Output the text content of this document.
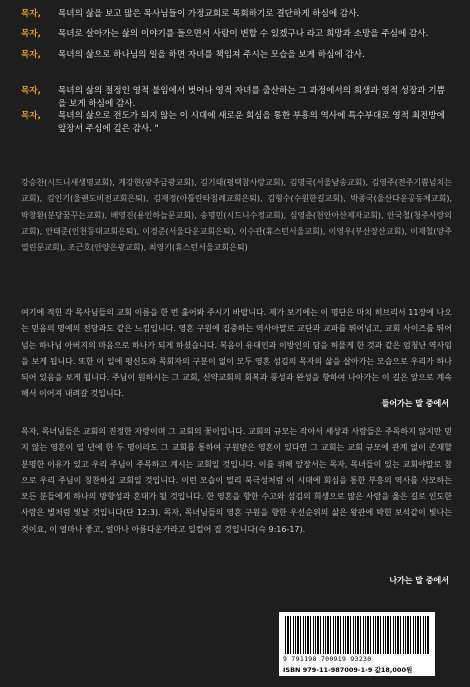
목자, 목녀의 삶을 보고 많은 목사님들이 가정교회로 목회하기로 결단하게 하심에 감사.
목자, 목녀로 살아가는 삶의 이야기를 들으면서 사람이 변할 수 있겠구나 라고 희망과 소망을 주심에 감사.
목자, 목녀의 삶으로 하나님의 일을 하면 자녀를 책임져 주시는 모습을 보게 하심에 감사.
목자, 목녀의 삶의 절정인 영적 불임에서 벗어나 영적 자녀를 출산하는 그 과정에서의 희생과 영적 성장과 기쁨을 보게 하심에 감사.
목자, 목녀의 삶으로 전도가 되지 않는 이 시대에 새로운 회심을 통한 부흥의 역사에 특수부대로 영적 최전방에 앞장서 주심에 깊은 감사. "

강승찬(시드니새생명교회), 계강현(광주금광교회), 김기태(평택참사랑교회), 김명국(서울남송교회), 김영주(전주기쁨넘치는교회), 김인기(울랜도비전교회은퇴), 김재정(아틀란타침례교회은퇴), 김형수(수원한길교회), 박종국(울산다운공동체교회), 박창환(분당꿈꾸는교회), 배영진(용인하늘문교회), 송명민(시드니수정교회), 심영춘(천안아산제자교회), 안국철(청주사랑의교회), 안태준(인천등대교회은퇴), 이경준(서울다운교회은퇴), 이수관(휴스턴서울교회), 이영우(부산장산교회), 이재철(양주열린문교회), 조근호(안양은광교회), 최영기(휴스턴서울교회은퇴)

여기에 적힌 각 목사님들의 교회 이름을 한 번 훑어봐 주시기 바랍니다. 제가 보기에는 이 명단은 마치 히브리서 11장에 나오는 믿음의 명예의 전당과도 같은 느낌입니다. 영혼 구원에 집중하는 역사아말로 교단과 교파를 뛰어넘고, 교회 사이즈를 뛰어넘는 하나님 아버지의 마음으로 하나가 되게 하셨습니다. 복음이 유대인과 이방인의 담을 허물게 한 것과 같은 엄청난 역사임을 보게 됩니다. 또한 이 일에 평신도와 목회자의 구분이 없이 모두 영혼 섬김의 목자의 삶을 살아가는 모습으로 우리가 하나 되어 있음을 보게 됩니다. 주님이 원하시는 그 교회, 신약교회의 회복과 풍성과 완성을 향하여 나아가는 이 길은 앞으로 계속해서 이어져 내려갈 것입니다.

들어가는 말 중에서

목자, 목녀님들은 교회의 진정한 자랑이며 그 교회의 꽃이입니다. 교회의 규모는 작아서 세상과 사람들은 주목하지 않지만 믿지 않는 영혼이 일 년에 한 두 명이라도 그 교회를 통하여 구원받은 영혼이 있다면 그 교회는 교회 규모에 관계 없이 존재할 분명한 이유가 있고 우리 주님이 주목하고 계시는 교회일 것입니다. 이를 위해 앞장서는 목자, 목녀들이 있는 교회야말로 참으로 우리 주님이 칭찬하실 교회일 것입니다. 이런 모습이 멀리 북극성처럼 이 시대에 회심을 통한 부흥의 역사를 사모하는 모든 분들에게 하나의 방향성과 혼대가 될 것입니다. 한 영혼을 향한 수고와 섬김의 희생으로 많은 사람을 옳은 길로 인도한 사람은 별처럼 빛날 것입니다(단 12:3). 목자, 목녀님들의 영혼 구원을 향한 우선순위의 삶은 왕관에 박힌 보석같이 빛나는 것이요, 이 얼마나 좋고, 얼마나 아름다운가라고 일컬어 질 것입니다(슥 9:16-17).

나가는 말 중에서
9 791198 700919 93230
ISBN 979-11-987009-1-9 값18,000원
